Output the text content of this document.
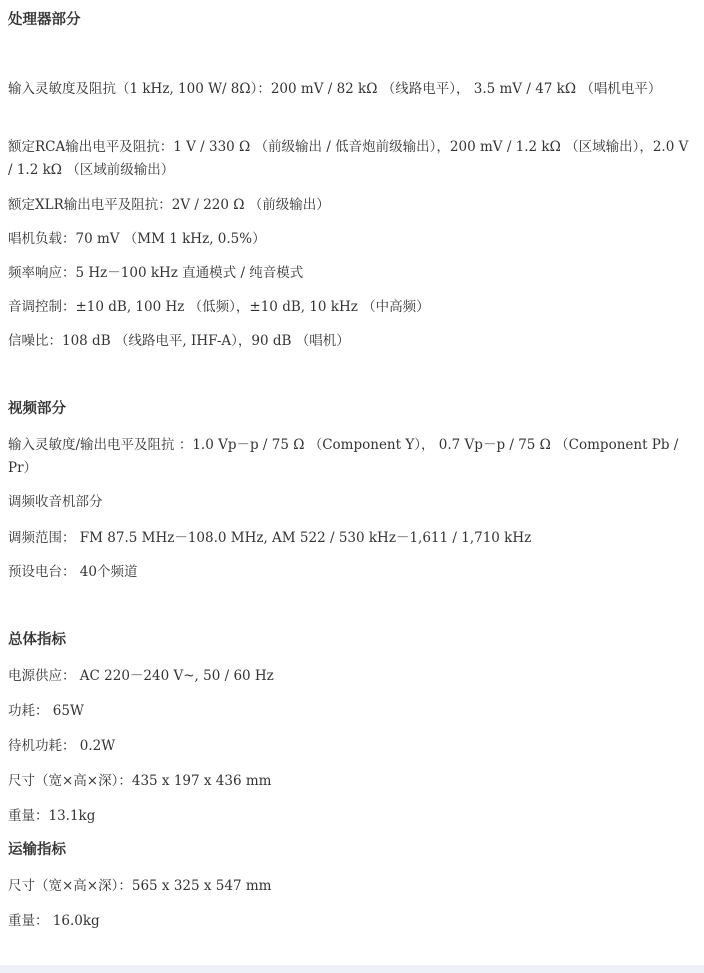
处理器部分
输入灵敏度及阻抗（1 kHz, 100 W/ 8Ω）：200 mV / 82 kΩ （线路电平）， 3.5 mV / 47 kΩ （唱机电平）
额定RCA输出电平及阻抗：1 V / 330 Ω （前级输出 / 低音炮前级输出），200 mV / 1.2 kΩ （区域输出），2.0 V / 1.2 kΩ （区域前级输出）
额定XLR输出电平及阻抗：2V / 220 Ω （前级输出）
唱机负载：70 mV （MM 1 kHz, 0.5%）
频率响应：5 Hz－100 kHz 直通模式 / 纯音模式
音调控制：±10 dB, 100 Hz （低频），±10 dB, 10 kHz （中高频）
信噪比：108 dB （线路电平, IHF-A），90 dB （唱机）
视频部分
输入灵敏度/输出电平及阻抗 ：1.0 Vp－p / 75 Ω （Component Y）， 0.7 Vp－p / 75 Ω （Component Pb / Pr）
调频收音机部分
调频范围： FM 87.5 MHz－108.0 MHz, AM 522 / 530 kHz－1,611 / 1,710 kHz
预设电台： 40个频道
总体指标
电源供应： AC 220－240 V~, 50 / 60 Hz
功耗： 65W
待机功耗： 0.2W
尺寸（宽×高×深）：435 x 197 x 436 mm
重量：13.1kg
运输指标
尺寸（宽×高×深）：565 x 325 x 547 mm
重量： 16.0kg
